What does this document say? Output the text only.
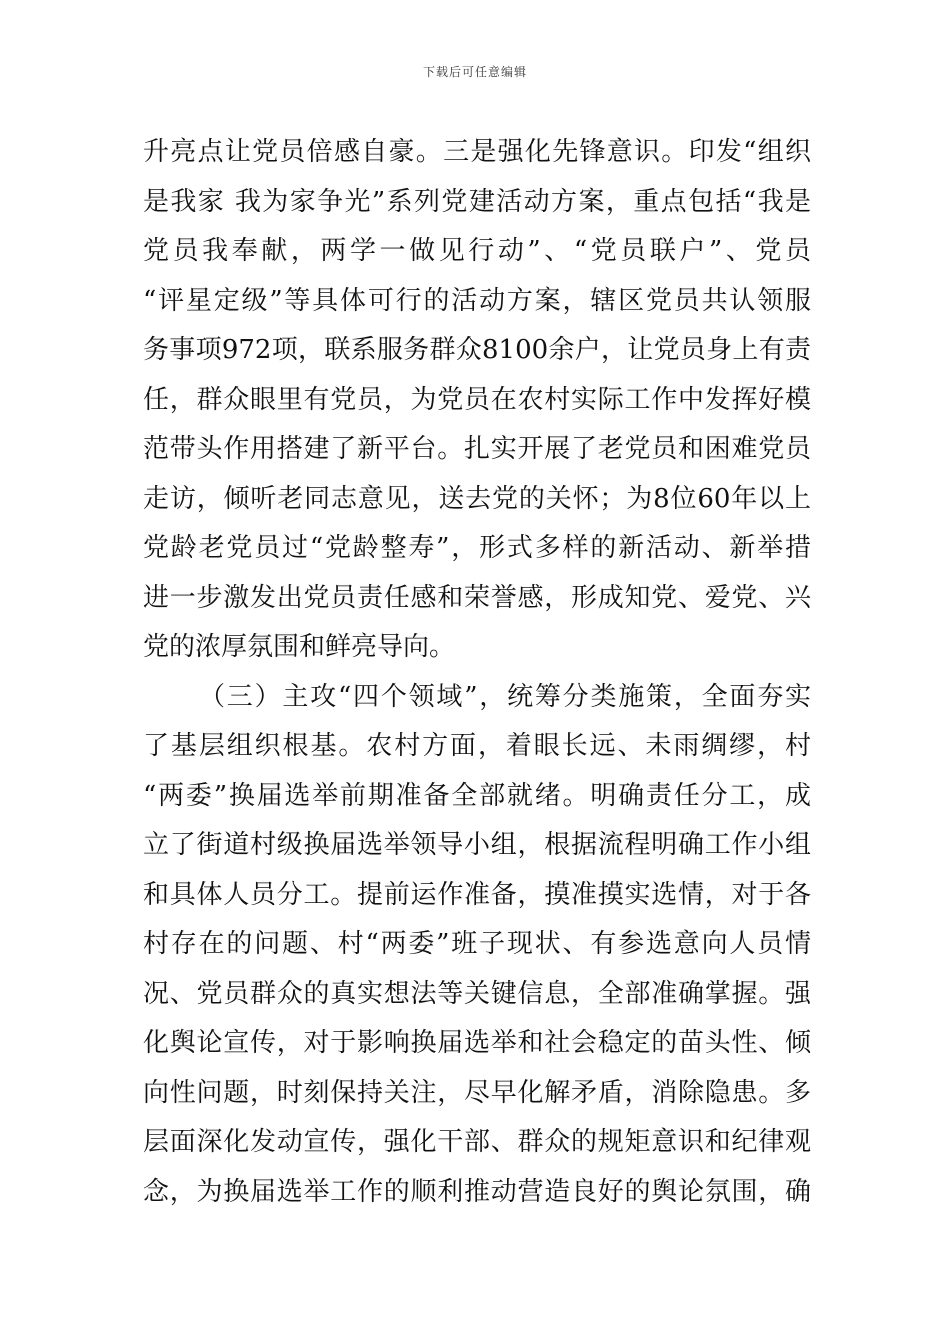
下载后可任意编辑
升亮点让党员倍感自豪。三是强化先锋意识。印发“组织
是我家 我为家争光”系列党建活动方案，重点包括“我是
党员我奉献，两学一做见行动”、“党员联户”、党员
“评星定级”等具体可行的活动方案，辖区党员共认领服
务事项972项，联系服务群众8100余户，让党员身上有责
任，群众眼里有党员，为党员在农村实际工作中发挥好模
范带头作用搭建了新平台。扎实开展了老党员和困难党员
走访，倾听老同志意见，送去党的关怀；为8位60年以上
党龄老党员过“党龄整寿”，形式多样的新活动、新举措
进一步激发出党员责任感和荣誉感，形成知党、爱党、兴
党的浓厚氛围和鲜亮导向。
（三）主攻“四个领域”，统筹分类施策，全面夯实
了基层组织根基。农村方面，着眼长远、未雨绸缪，村
“两委”换届选举前期准备全部就绪。明确责任分工，成
立了街道村级换届选举领导小组，根据流程明确工作小组
和具体人员分工。提前运作准备，摸准摸实选情，对于各
村存在的问题、村“两委”班子现状、有参选意向人员情
况、党员群众的真实想法等关键信息，全部准确掌握。强
化舆论宣传，对于影响换届选举和社会稳定的苗头性、倾
向性问题，时刻保持关注，尽早化解矛盾，消除隐患。多
层面深化发动宣传，强化干部、群众的规矩意识和纪律观
念，为换届选举工作的顺利推动营造良好的舆论氛围，确
